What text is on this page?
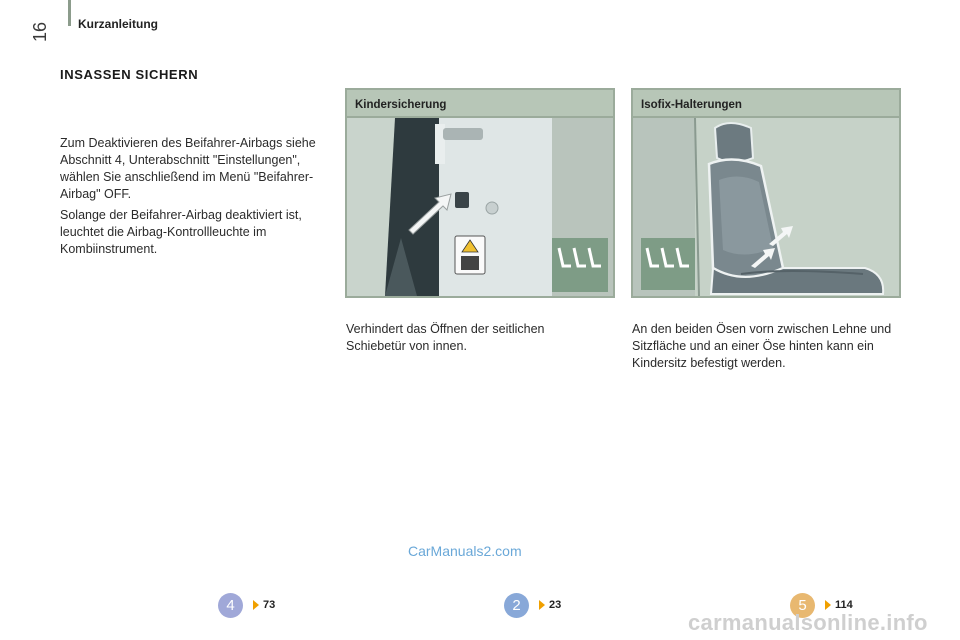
16 Kurzanleitung
INSASSEN SICHERN

Zum Deaktivieren des Beifahrer-Airbags siehe Abschnitt 4, Unterabschnitt "Einstellungen", wählen Sie anschließend im Menü "Beifahrer-Airbag" OFF.

Solange der Beifahrer-Airbag deaktiviert ist, leuchtet die Airbag-Kontrollleuchte im Kombiinstrument.

Kindersicherung	Isofix-Halterungen
Verhindert das Öffnen der seitlichen Schiebetür von innen.
An den beiden Ösen vorn zwischen Lehne und Sitzfläche und an einer Öse hinten kann ein Kindersitz befestigt werden.
4	73	2	23	5	114
CarManuals2.com
carmanualsonline.info
